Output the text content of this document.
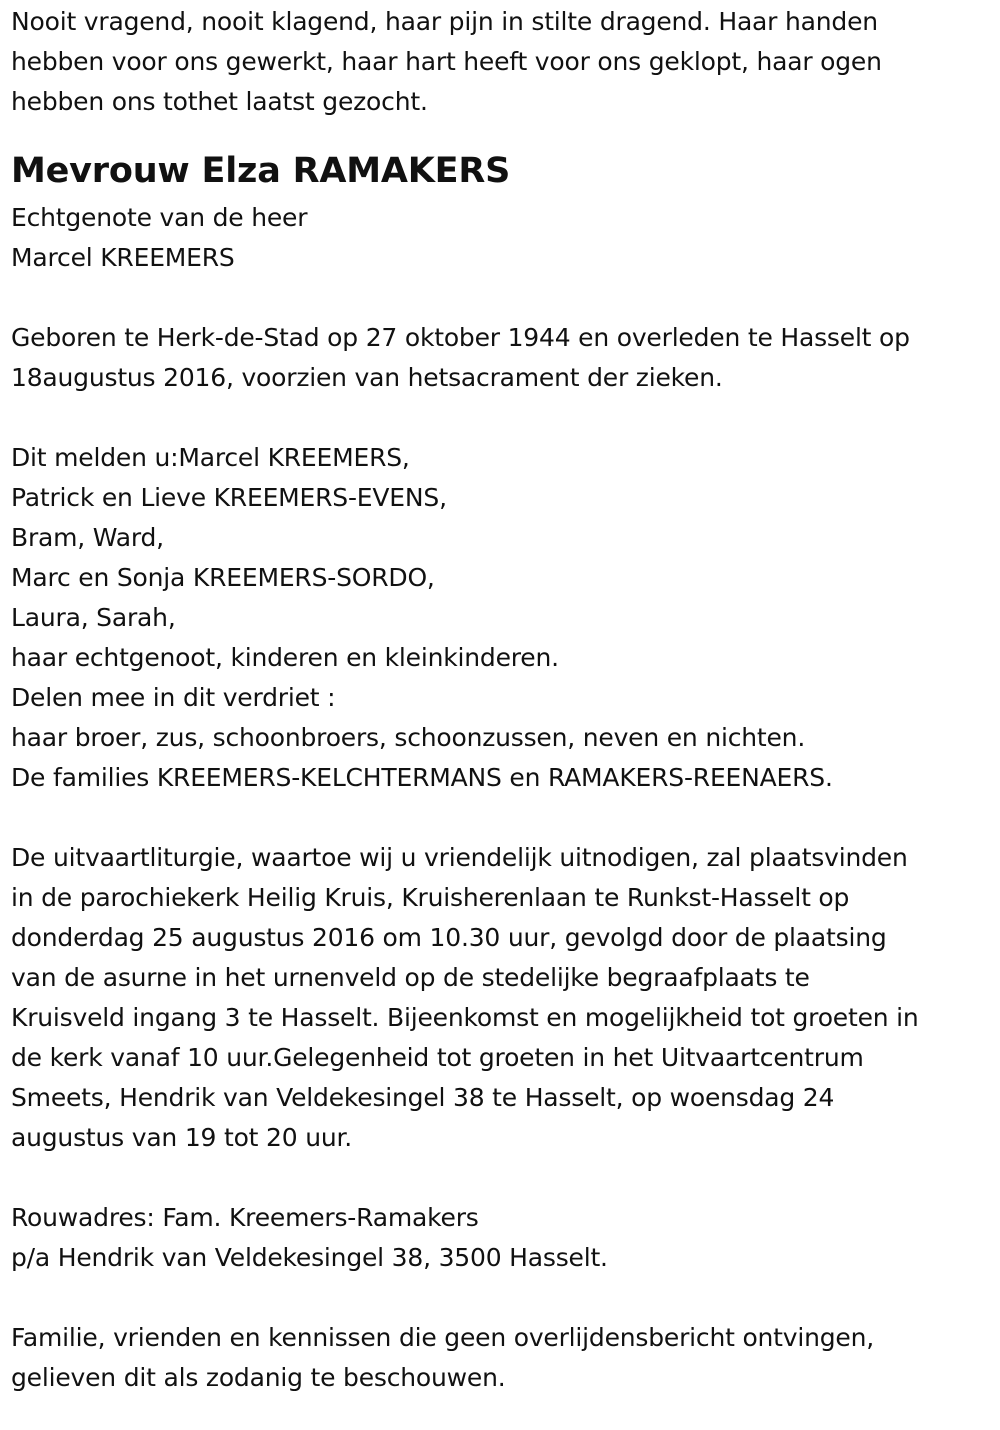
Nooit vragend, nooit klagend, haar pijn in stilte dragend. Haar handen
hebben voor ons gewerkt, haar hart heeft voor ons geklopt, haar ogen
hebben ons tothet laatst gezocht.
Mevrouw Elza RAMAKERS
Echtgenote van de heer
Marcel KREEMERS
Geboren te Herk-de-Stad op 27 oktober 1944 en overleden te Hasselt op
18augustus 2016, voorzien van hetsacrament der zieken.
Dit melden u:Marcel KREEMERS,
Patrick en Lieve KREEMERS-EVENS,
Bram, Ward,
Marc en Sonja KREEMERS-SORDO,
Laura, Sarah,
haar echtgenoot, kinderen en kleinkinderen.
Delen mee in dit verdriet :
haar broer, zus, schoonbroers, schoonzussen, neven en nichten.
De families KREEMERS-KELCHTERMANS en RAMAKERS-REENAERS.
De uitvaartliturgie, waartoe wij u vriendelijk uitnodigen, zal plaatsvinden
in de parochiekerk Heilig Kruis, Kruisherenlaan te Runkst-Hasselt op
donderdag 25 augustus 2016 om 10.30 uur, gevolgd door de plaatsing
van de asurne in het urnenveld op de stedelijke begraafplaats te
Kruisveld ingang 3 te Hasselt. Bijeenkomst en mogelijkheid tot groeten in
de kerk vanaf 10 uur.Gelegenheid tot groeten in het Uitvaartcentrum
Smeets, Hendrik van Veldekesingel 38 te Hasselt, op woensdag 24
augustus van 19 tot 20 uur.
Rouwadres: Fam. Kreemers-Ramakers
p/a Hendrik van Veldekesingel 38, 3500 Hasselt.
Familie, vrienden en kennissen die geen overlijdensbericht ontvingen,
gelieven dit als zodanig te beschouwen.
